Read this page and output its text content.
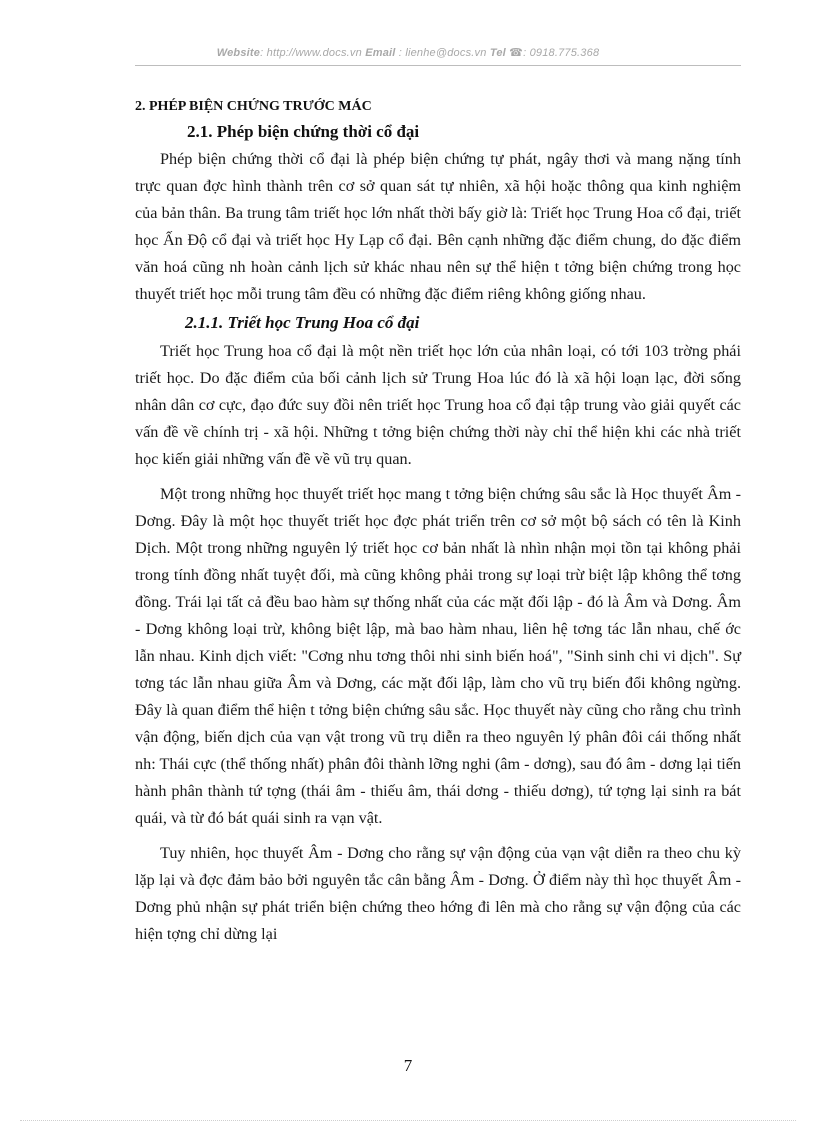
Website: http://www.docs.vn Email : lienhe@docs.vn Tel ☎: 0918.775.368
2. PHÉP BIỆN CHỨNG TRƯỚC MÁC
2.1. Phép biện chứng thời cổ đại

Phép biện chứng thời cổ đại là phép biện chứng tự phát, ngây thơi và mang nặng tính trực quan đợc hình thành trên cơ sở quan sát tự nhiên, xã hội hoặc thông qua kinh nghiệm của bản thân. Ba trung tâm triết học lớn nhất thời bấy giờ là: Triết học Trung Hoa cổ đại, triết học Ấn Độ cổ đại và triết học Hy Lạp cổ đại. Bên cạnh những đặc điểm chung, do đặc điểm văn hoá cũng nh hoàn cảnh lịch sử khác nhau nên sự thể hiện t tởng biện chứng trong học thuyết triết học mỗi trung tâm đều có những đặc điểm riêng không giống nhau.

2.1.1. Triết học Trung Hoa cổ đại

Triết học Trung hoa cổ đại là một nền triết học lớn của nhân loại, có tới 103 trờng phái triết học. Do đặc điểm của bối cảnh lịch sử Trung Hoa lúc đó là xã hội loạn lạc, đời sống nhân dân cơ cực, đạo đức suy đồi nên triết học Trung hoa cổ đại tập trung vào giải quyết các vấn đề về chính trị - xã hội. Những t tởng biện chứng thời này chỉ thể hiện khi các nhà triết học kiến giải những vấn đề về vũ trụ quan.

Một trong những học thuyết triết học mang t tởng biện chứng sâu sắc là Học thuyết Âm - Dơng. Đây là một học thuyết triết học đợc phát triển trên cơ sở một bộ sách có tên là Kinh Dịch. Một trong những nguyên lý triết học cơ bản nhất là nhìn nhận mọi tồn tại không phải trong tính đồng nhất tuyệt đối, mà cũng không phải trong sự loại trừ biệt lập không thể tơng đồng. Trái lại tất cả đều bao hàm sự thống nhất của các mặt đối lập - đó là Âm và Dơng. Âm - Dơng không loại trừ, không biệt lập, mà bao hàm nhau, liên hệ tơng tác lẫn nhau, chế ớc lẫn nhau. Kinh dịch viết: "Cơng nhu tơng thôi nhi sinh biến hoá", "Sinh sinh chi vi dịch". Sự tơng tác lẫn nhau giữa Âm và Dơng, các mặt đối lập, làm cho vũ trụ biến đổi không ngừng. Đây là quan điểm thể hiện t tởng biện chứng sâu sắc. Học thuyết này cũng cho rằng chu trình vận động, biến dịch của vạn vật trong vũ trụ diễn ra theo nguyên lý phân đôi cái thống nhất nh: Thái cực (thể thống nhất) phân đôi thành lỡng nghi (âm - dơng), sau đó âm - dơng lại tiến hành phân thành tứ tợng (thái âm - thiếu âm, thái dơng - thiếu dơng), tứ tợng lại sinh ra bát quái, và từ đó bát quái sinh ra vạn vật.

Tuy nhiên, học thuyết Âm - Dơng cho rằng sự vận động của vạn vật diễn ra theo chu kỳ lặp lại và đợc đảm bảo bởi nguyên tắc cân bằng Âm - Dơng. Ở điểm này thì học thuyết Âm - Dơng phủ nhận sự phát triển biện chứng theo hớng đi lên mà cho rằng sự vận động của các hiện tợng chỉ dừng lại

7
